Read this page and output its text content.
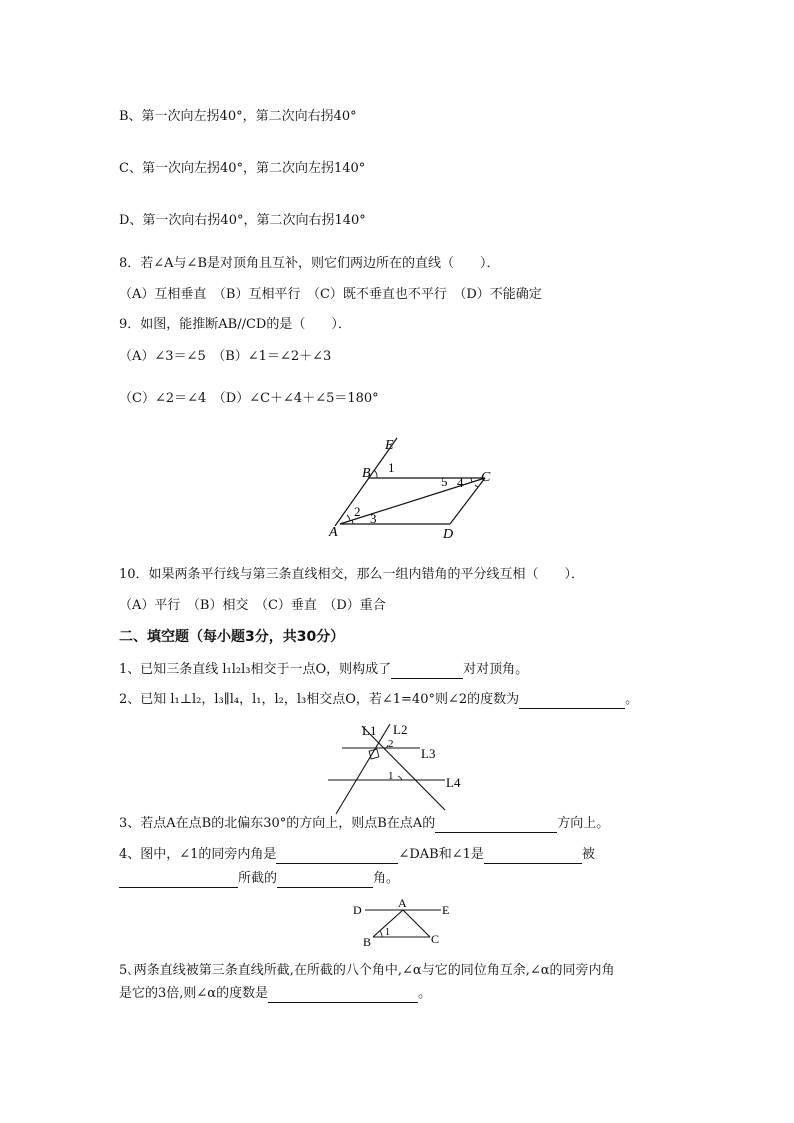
B、第一次向左拐40°，第二次向右拐40°
C、第一次向左拐40°，第二次向左拐140°
D、第一次向右拐40°，第二次向右拐140°
8．若∠A与∠B是对顶角且互补，则它们两边所在的直线（　　）．
（A）互相垂直　（B）互相平行　（C）既不垂直也不平行　（D）不能确定
9．如图，能推断AB//CD的是（　　）．
（A）∠3＝∠5　（B）∠1＝∠2＋∠3
（C）∠2＝∠4　（D）∠C＋∠4＋∠5＝180°
E
B	C
A	D
1
2 3
4
5
10．如果两条平行线与第三条直线相交，那么一组内错角的平分线互相（　　）．
（A）平行　（B）相交　（C）垂直　（D）重合
二、填空题（每小题3分，共30分）
1、已知三条直线 l₁l₂l₃相交于一点O，则构成了	对对顶角。
2、已知 l₁⊥l₂，l₃∥l₄，l₁，l₂，l₃相交点O，若∠1=40°则∠2的度数为	。
L1 L2
L3
L4
1
2
3、若点A在点B的北偏东30°的方向上，则点B在点A的	方向上。
4、图中，∠1的同旁内角是	∠DAB和∠1是	被
所截的	角。
D	A	E
B	C
1
5､两条直线被第三条直线所截,在所截的八个角中,∠α与它的同位角互余,∠α的同旁内角
是它的3倍,则∠α的度数是	。
